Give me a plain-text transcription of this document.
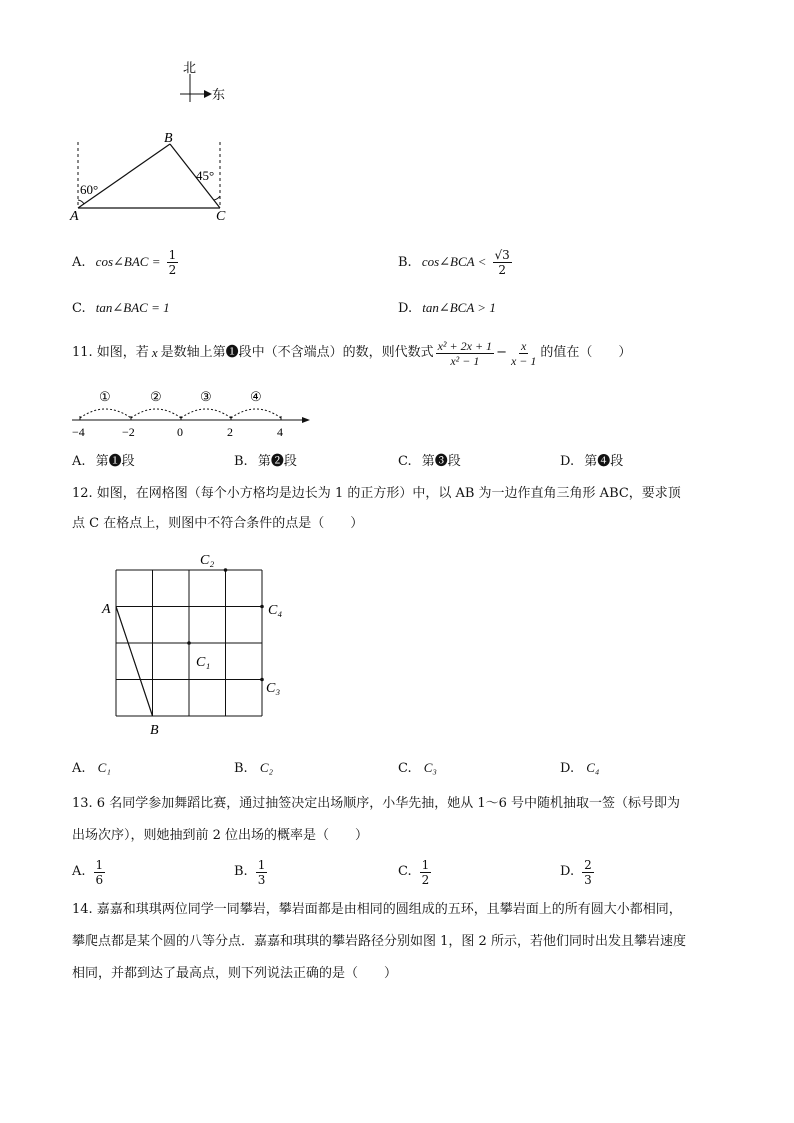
北
东
A
B
C
60°
45°
A. cos∠BAC = $\frac{1}{2}$	B. cos∠BCA < $\frac{√3}{2}$
C. tan∠BAC = 1	D. tan∠BCA > 1
11. 如图，若 x 是数轴上第❶段中（不含端点）的数，则代数式 $\frac{\text{x² + 2x + 1}}{\text{x² − 1}} - \frac{x}{x - 1}$ 的值在（　　）
①	②	③	④
−4	−2	0	2	4
A. 第❶段	B. 第❷段	C. 第❸段	D. 第❹段
12. 如图，在网格图（每个小方格均是边长为 1 的正方形）中，以 AB 为一边作直角三角形 ABC，要求顶
点 C 在格点上，则图中不符合条件的点是（　　）
A
B
C₁
C₂
C₃
C₄
A. C₁	B. C₂	C. C₃	D. C₄
13. 6 名同学参加舞蹈比赛，通过抽签决定出场顺序，小华先抽，她从 1～6 号中随机抽取一签（标号即为
出场次序），则她抽到前 2 位出场的概率是（　　）
A. $\frac{1}{6}$	B. $\frac{1}{3}$	C. $\frac{1}{2}$	D. $\frac{2}{3}$
14. 嘉嘉和琪琪两位同学一同攀岩，攀岩面都是由相同的圆组成的五环，且攀岩面上的所有圆大小都相同，
攀爬点都是某个圆的八等分点．嘉嘉和琪琪的攀岩路径分别如图 1，图 2 所示，若他们同时出发且攀岩速度
相同，并都到达了最高点，则下列说法正确的是（　　）
